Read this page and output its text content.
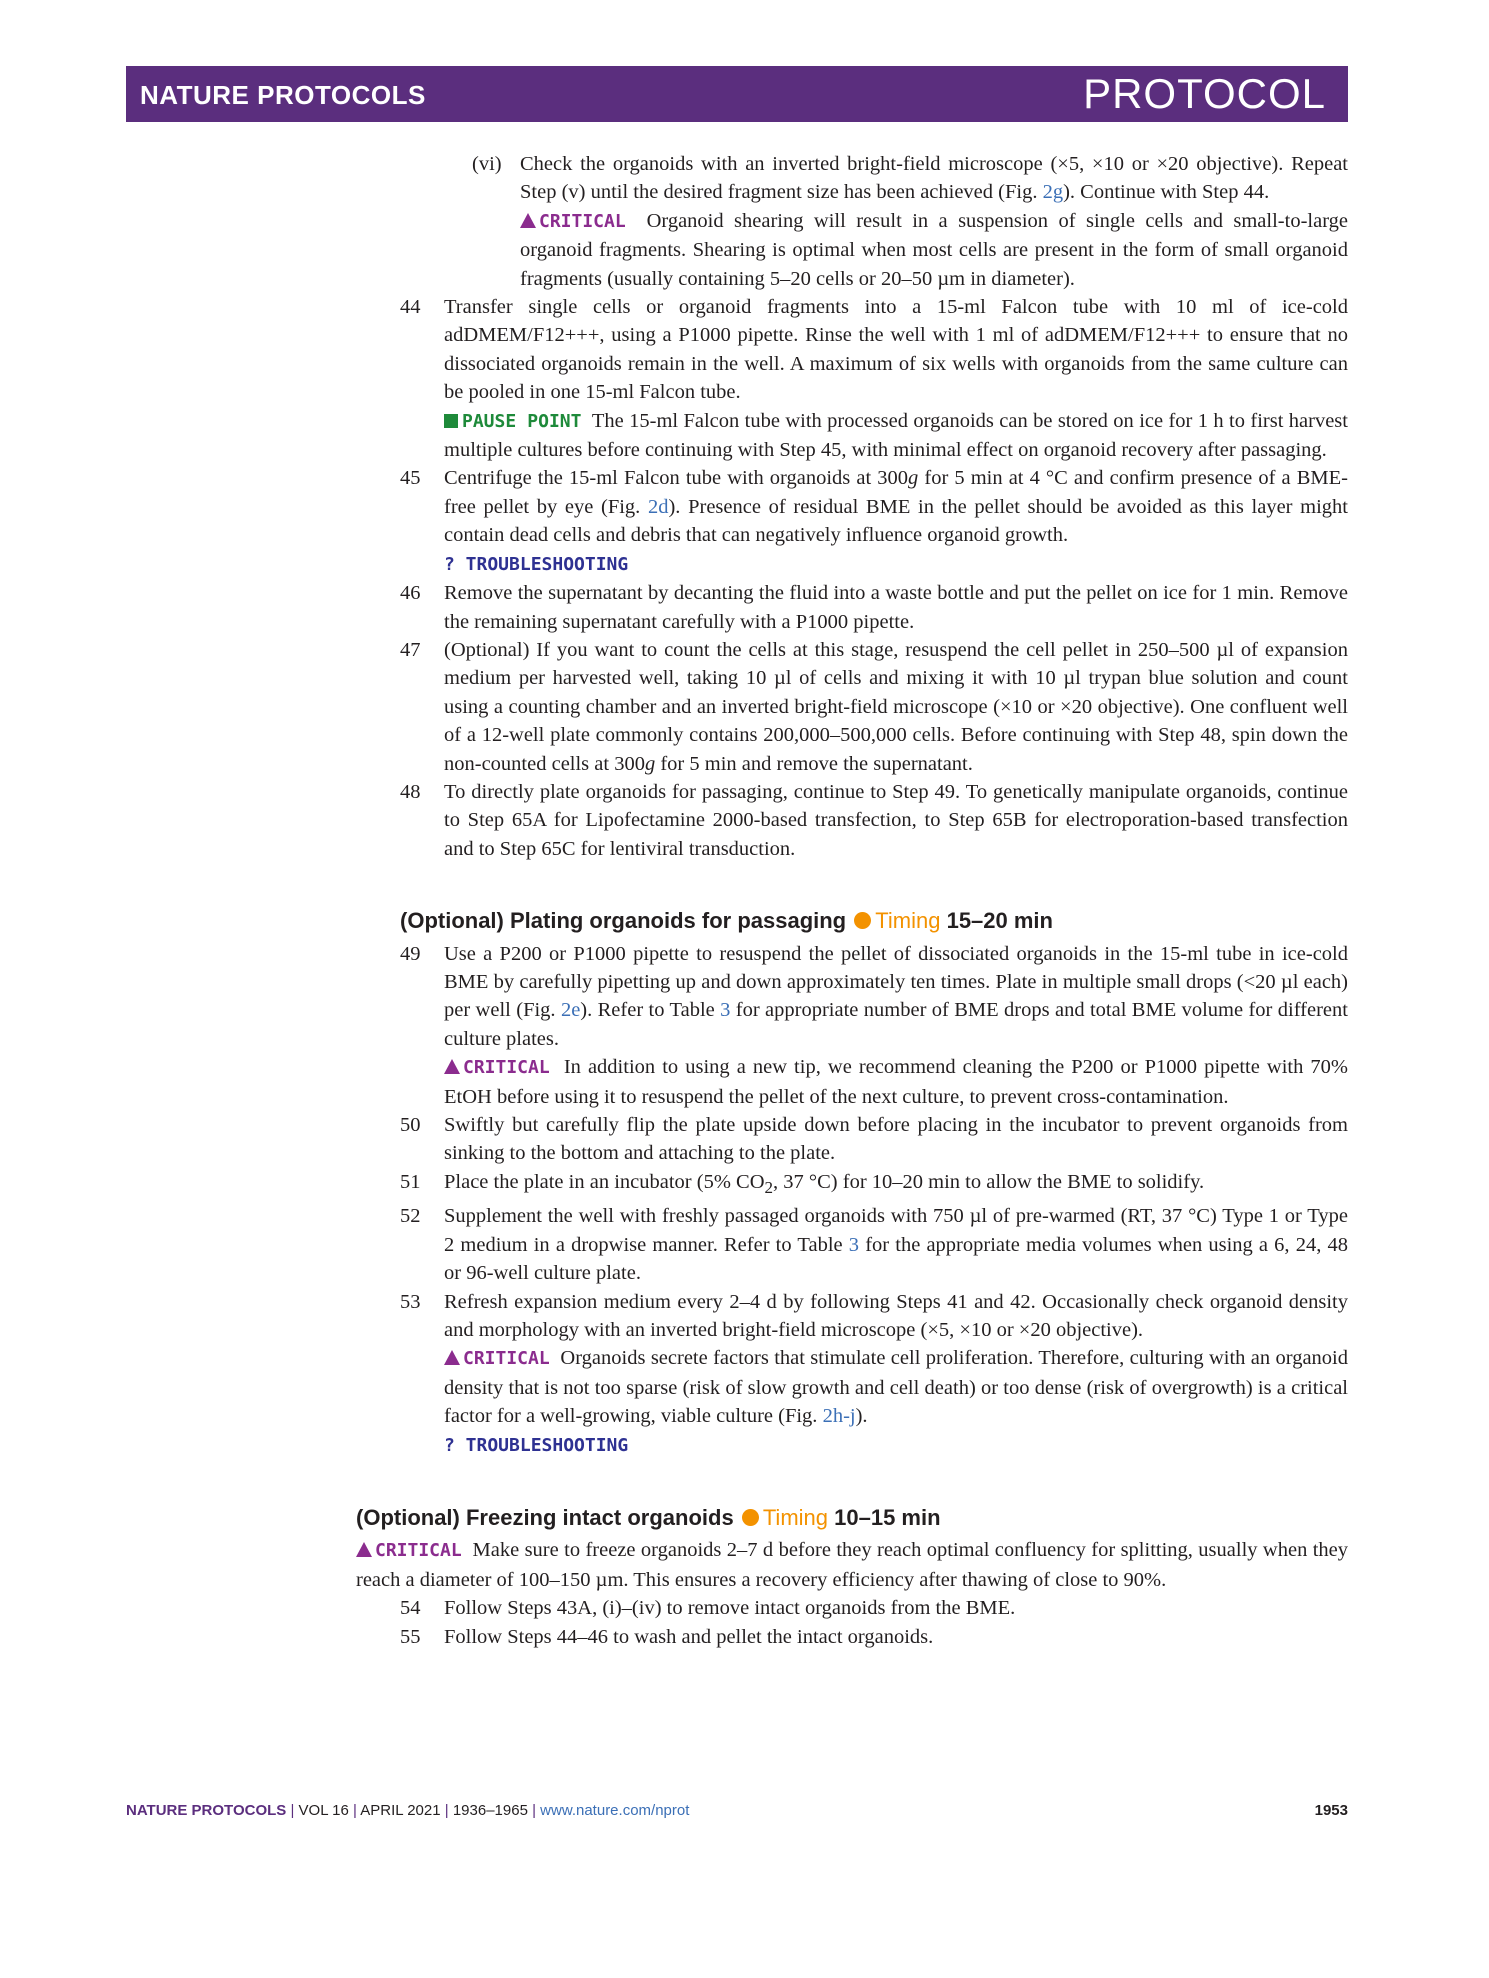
NATURE PROTOCOLS	PROTOCOL

(vi) Check the organoids with an inverted bright-field microscope (×5, ×10 or ×20 objective). Repeat Step (v) until the desired fragment size has been achieved (Fig. 2g). Continue with Step 44.

CRITICAL Organoid shearing will result in a suspension of single cells and small-to-large organoid fragments. Shearing is optimal when most cells are present in the form of small organoid fragments (usually containing 5–20 cells or 20–50 µm in diameter).

44 Transfer single cells or organoid fragments into a 15-ml Falcon tube with 10 ml of ice-cold adDMEM/F12+++, using a P1000 pipette. Rinse the well with 1 ml of adDMEM/F12+++ to ensure that no dissociated organoids remain in the well. A maximum of six wells with organoids from the same culture can be pooled in one 15-ml Falcon tube.

PAUSE POINT The 15-ml Falcon tube with processed organoids can be stored on ice for 1 h to first harvest multiple cultures before continuing with Step 45, with minimal effect on organoid recovery after passaging.

45 Centrifuge the 15-ml Falcon tube with organoids at 300g for 5 min at 4 °C and confirm presence of a BME-free pellet by eye (Fig. 2d). Presence of residual BME in the pellet should be avoided as this layer might contain dead cells and debris that can negatively influence organoid growth.

? TROUBLESHOOTING

46 Remove the supernatant by decanting the fluid into a waste bottle and put the pellet on ice for 1 min. Remove the remaining supernatant carefully with a P1000 pipette.

47 (Optional) If you want to count the cells at this stage, resuspend the cell pellet in 250–500 µl of expansion medium per harvested well, taking 10 µl of cells and mixing it with 10 µl trypan blue solution and count using a counting chamber and an inverted bright-field microscope (×10 or ×20 objective). One confluent well of a 12-well plate commonly contains 200,000–500,000 cells. Before continuing with Step 48, spin down the non-counted cells at 300g for 5 min and remove the supernatant.

48 To directly plate organoids for passaging, continue to Step 49. To genetically manipulate organoids, continue to Step 65A for Lipofectamine 2000-based transfection, to Step 65B for electroporation-based transfection and to Step 65C for lentiviral transduction.

(Optional) Plating organoids for passaging Timing 15–20 min

49 Use a P200 or P1000 pipette to resuspend the pellet of dissociated organoids in the 15-ml tube in ice-cold BME by carefully pipetting up and down approximately ten times. Plate in multiple small drops (<20 µl each) per well (Fig. 2e). Refer to Table 3 for appropriate number of BME drops and total BME volume for different culture plates.

CRITICAL In addition to using a new tip, we recommend cleaning the P200 or P1000 pipette with 70% EtOH before using it to resuspend the pellet of the next culture, to prevent cross-contamination.

50 Swiftly but carefully flip the plate upside down before placing in the incubator to prevent organoids from sinking to the bottom and attaching to the plate.

51 Place the plate in an incubator (5% $CO_2$, 37 °C) for 10–20 min to allow the BME to solidify.

52 Supplement the well with freshly passaged organoids with 750 µl of pre-warmed (RT, 37 °C) Type 1 or Type 2 medium in a dropwise manner. Refer to Table 3 for the appropriate media volumes when using a 6, 24, 48 or 96-well culture plate.

53 Refresh expansion medium every 2–4 d by following Steps 41 and 42. Occasionally check organoid density and morphology with an inverted bright-field microscope (×5, ×10 or ×20 objective).

CRITICAL Organoids secrete factors that stimulate cell proliferation. Therefore, culturing with an organoid density that is not too sparse (risk of slow growth and cell death) or too dense (risk of overgrowth) is a critical factor for a well-growing, viable culture (Fig. 2h-j).

? TROUBLESHOOTING

(Optional) Freezing intact organoids Timing 10–15 min

CRITICAL Make sure to freeze organoids 2–7 d before they reach optimal confluency for splitting, usually when they reach a diameter of 100–150 µm. This ensures a recovery efficiency after thawing of close to 90%.

54 Follow Steps 43A, (i)–(iv) to remove intact organoids from the BME.

55 Follow Steps 44–46 to wash and pellet the intact organoids.

NATURE PROTOCOLS | VOL 16 | APRIL 2021 | 1936–1965 | www.nature.com/nprot	1953
